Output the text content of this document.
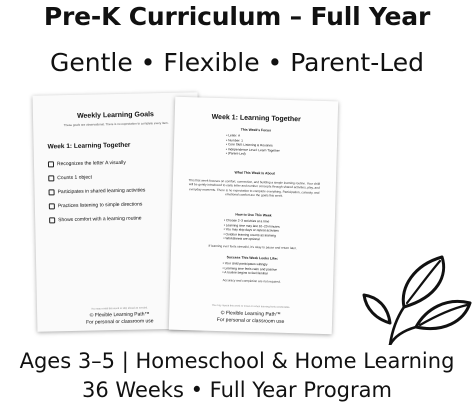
Pre-K Curriculum – Full Year
Gentle • Flexible • Parent-Led
Weekly Learning Goals
These goals are observational. There is no expectation to complete every item.
Week 1: Learning Together
Recognizes the letter A visually
Counts 1 object
Participates in shared learning activities
Practices listening to simple directions
Shows comfort with a learning routine
You may revisit this week or skip ahead as needed.
© Flexible Learning Path™
For personal or classroom use
Week 1: Learning Together
This Week's Focus
• Letter: A
• Number: 1
• Core Skill: Listening & Routines
• Independence Level: Learn Together
• (Parent-Led)
What This Week Is About
This first week focuses on comfort, connection, and building a simple learning routine. Your child will be gently introduced to early letter and number concepts through shared activities, play, and everyday moments. There is no expectation to complete everything. Participation, curiosity, and emotional comfort are the goals this week.
How to Use This Week
• Choose 2–3 activities at a time
• Learning time may last 10–20 minutes
• You may skip days or repeat activities
• Outdoor learning counts as learning
• Worksheets are optional
If learning ever feels stressful, it's okay to pause and return later.
Success This Week Looks Like:
• Your child participates willingly
• Learning time feels calm and positive
• A routine begins to feel familiar
Accuracy and completion are not required.
You may repeat this week or move on when learning feels comfortable.
© Flexible Learning Path™
For personal or classroom use
Ages 3–5 | Homeschool & Home Learning
36 Weeks • Full Year Program
